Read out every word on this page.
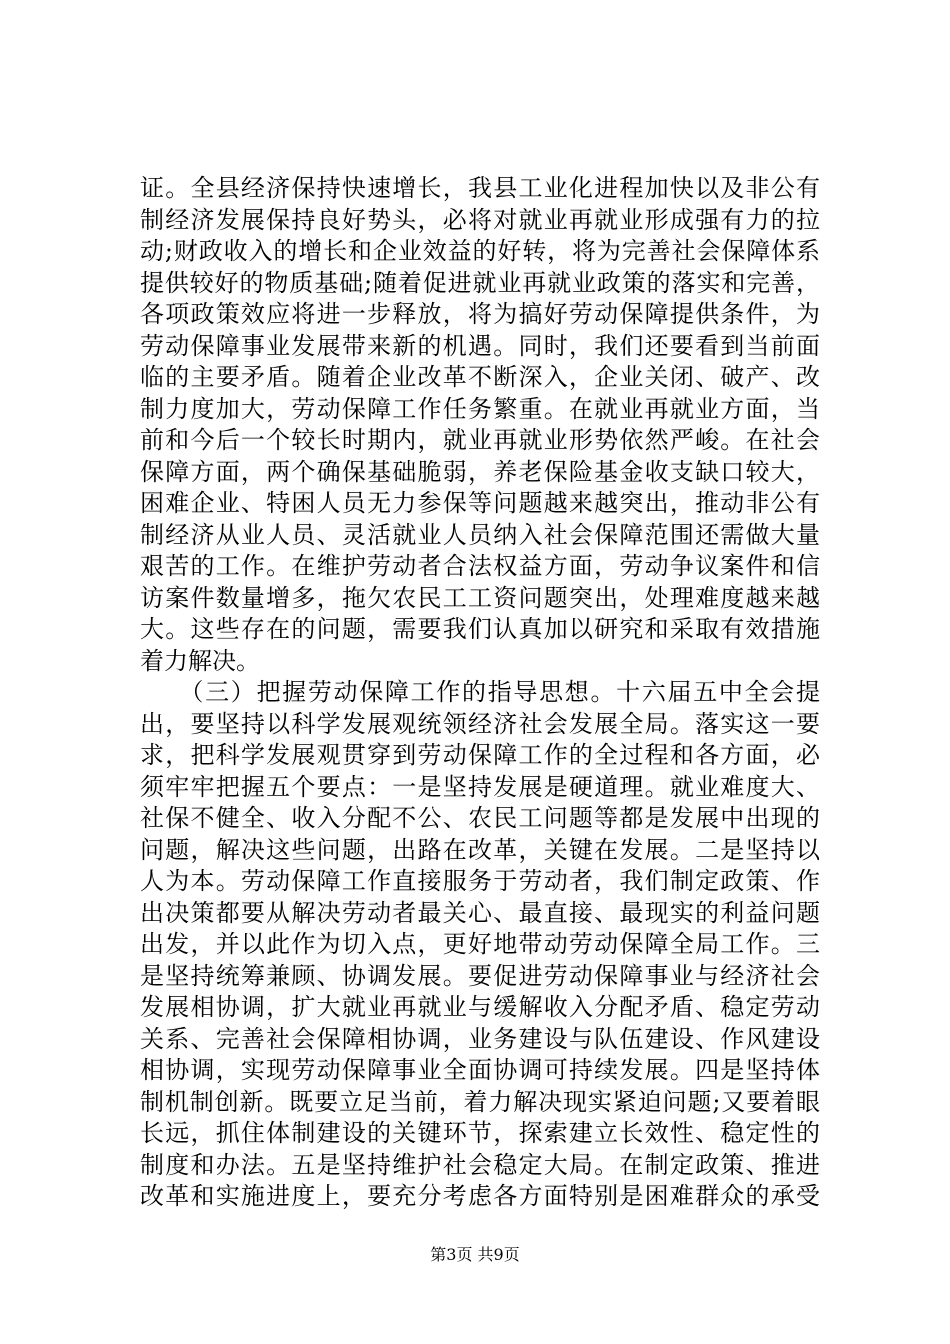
证。全县经济保持快速增长，我县工业化进程加快以及非公有
制经济发展保持良好势头，必将对就业再就业形成强有力的拉
动;财政收入的增长和企业效益的好转，将为完善社会保障体系
提供较好的物质基础;随着促进就业再就业政策的落实和完善，
各项政策效应将进一步释放，将为搞好劳动保障提供条件，为
劳动保障事业发展带来新的机遇。同时，我们还要看到当前面
临的主要矛盾。随着企业改革不断深入，企业关闭、破产、改
制力度加大，劳动保障工作任务繁重。在就业再就业方面，当
前和今后一个较长时期内，就业再就业形势依然严峻。在社会
保障方面，两个确保基础脆弱，养老保险基金收支缺口较大，
困难企业、特困人员无力参保等问题越来越突出，推动非公有
制经济从业人员、灵活就业人员纳入社会保障范围还需做大量
艰苦的工作。在维护劳动者合法权益方面，劳动争议案件和信
访案件数量增多，拖欠农民工工资问题突出，处理难度越来越
大。这些存在的问题，需要我们认真加以研究和采取有效措施
着力解决。
　　（三）把握劳动保障工作的指导思想。十六届五中全会提
出，要坚持以科学发展观统领经济社会发展全局。落实这一要
求，把科学发展观贯穿到劳动保障工作的全过程和各方面，必
须牢牢把握五个要点：一是坚持发展是硬道理。就业难度大、
社保不健全、收入分配不公、农民工问题等都是发展中出现的
问题，解决这些问题，出路在改革，关键在发展。二是坚持以
人为本。劳动保障工作直接服务于劳动者，我们制定政策、作
出决策都要从解决劳动者最关心、最直接、最现实的利益问题
出发，并以此作为切入点，更好地带动劳动保障全局工作。三
是坚持统筹兼顾、协调发展。要促进劳动保障事业与经济社会
发展相协调，扩大就业再就业与缓解收入分配矛盾、稳定劳动
关系、完善社会保障相协调，业务建设与队伍建设、作风建设
相协调，实现劳动保障事业全面协调可持续发展。四是坚持体
制机制创新。既要立足当前，着力解决现实紧迫问题;又要着眼
长远，抓住体制建设的关键环节，探索建立长效性、稳定性的
制度和办法。五是坚持维护社会稳定大局。在制定政策、推进
改革和实施进度上，要充分考虑各方面特别是困难群众的承受
第3页 共9页
